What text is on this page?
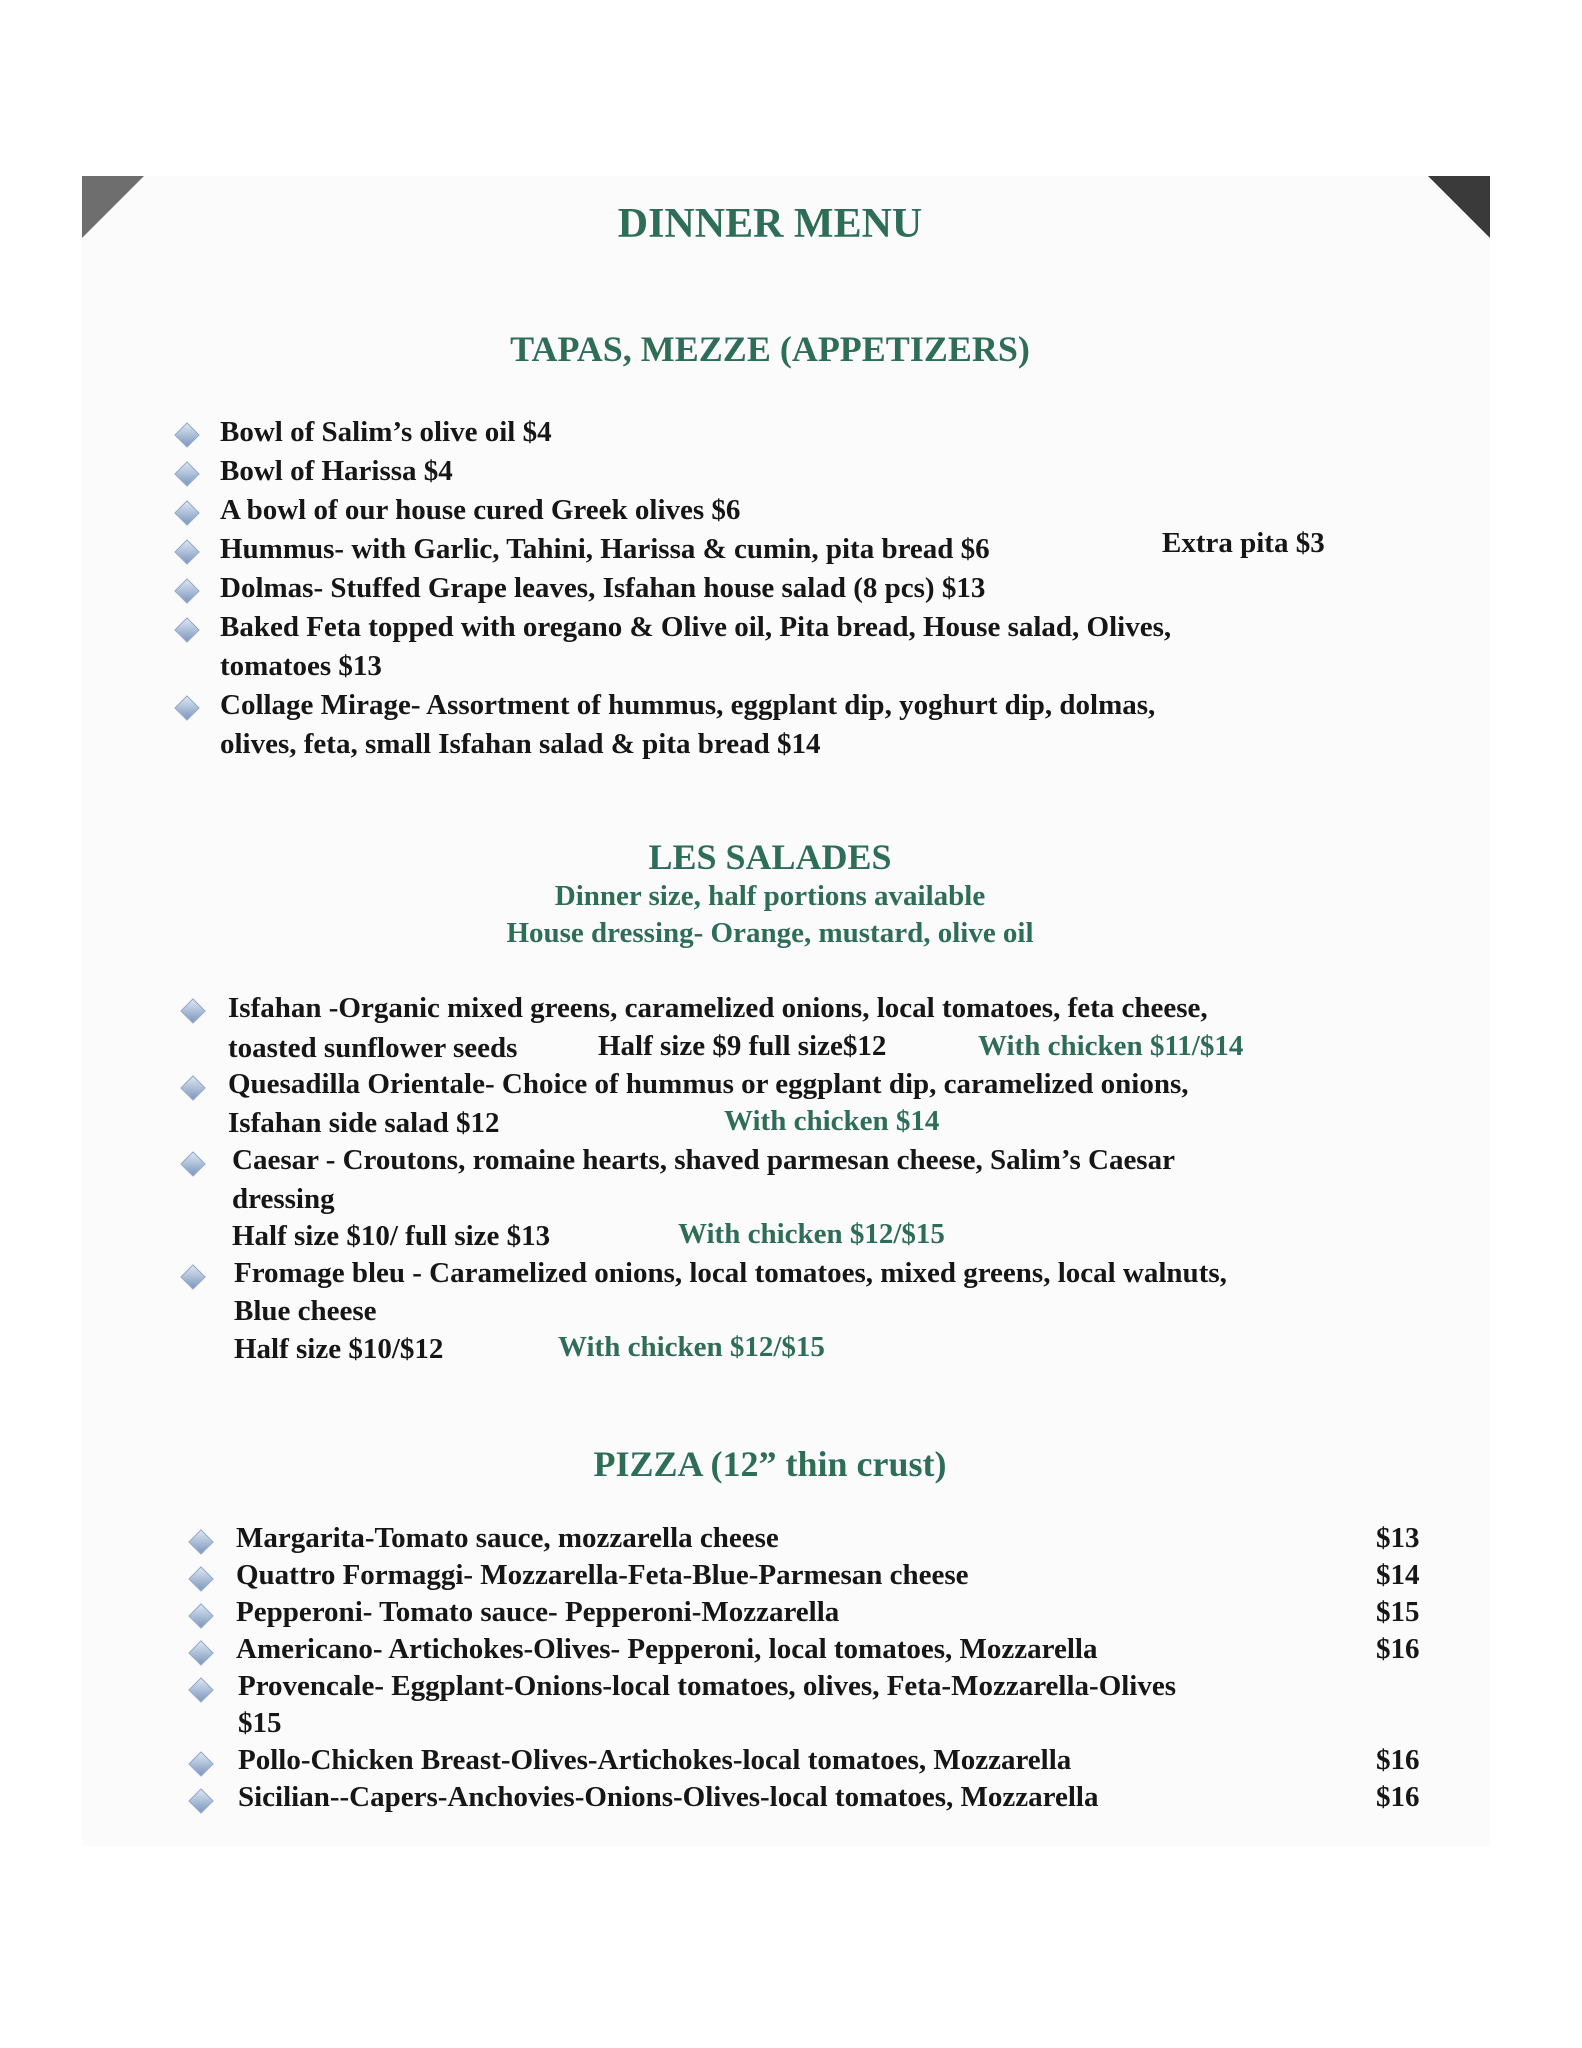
DINNER MENU
TAPAS, MEZZE (APPETIZERS)
Bowl of Salim’s olive oil $4
Bowl of Harissa $4
A bowl of our house cured Greek olives $6
Hummus- with Garlic, Tahini, Harissa & cumin, pita bread $6	Extra pita $3
Dolmas- Stuffed Grape leaves, Isfahan house salad (8 pcs) $13
Baked Feta topped with oregano & Olive oil, Pita bread, House salad, Olives,
tomatoes $13
Collage Mirage- Assortment of hummus, eggplant dip, yoghurt dip, dolmas,
olives, feta, small Isfahan salad & pita bread $14
LES SALADES

Dinner size, half portions available

House dressing- Orange, mustard, olive oil

Isfahan -Organic mixed greens, caramelized onions, local tomatoes, feta cheese,
toasted sunflower seeds	Half size $9 full size$12	With chicken $11/$14
Quesadilla Orientale- Choice of hummus or eggplant dip, caramelized onions,
Isfahan side salad $12	With chicken $14
Caesar - Croutons, romaine hearts, shaved parmesan cheese, Salim’s Caesar
dressing
Half size $10/ full size $13	With chicken $12/$15
Fromage bleu - Caramelized onions, local tomatoes, mixed greens, local walnuts,
Blue cheese
Half size $10/$12	With chicken $12/$15
PIZZA (12” thin crust)
Margarita-Tomato sauce, mozzarella cheese	$13
Quattro Formaggi- Mozzarella-Feta-Blue-Parmesan cheese	$14
Pepperoni- Tomato sauce- Pepperoni-Mozzarella	$15
Americano- Artichokes-Olives- Pepperoni, local tomatoes, Mozzarella	$16
Provencale- Eggplant-Onions-local tomatoes, olives, Feta-Mozzarella-Olives
$15
Pollo-Chicken Breast-Olives-Artichokes-local tomatoes, Mozzarella	$16
Sicilian--Capers-Anchovies-Onions-Olives-local tomatoes, Mozzarella	$16
